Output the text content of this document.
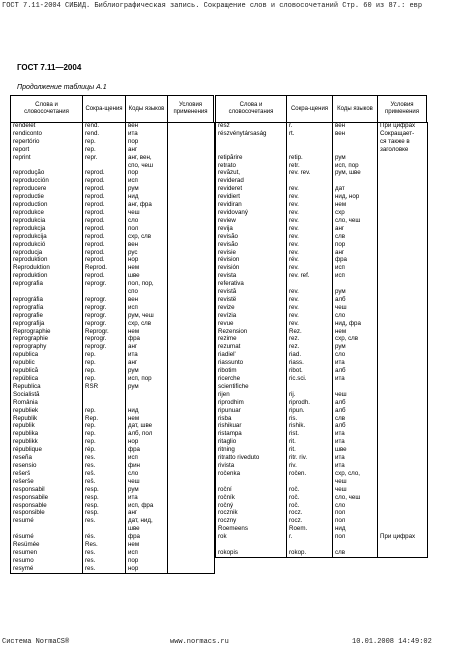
ГОСТ 7.11-2004 СИБИД. Библиографическая запись. Сокращение слов и словосочетаний Стр. 60 из 87.: евр
ГОСТ 7.11—2004
Продолжение таблицы А.1
Слова и словосочетания
Сокра-щения	Коды языков
Условия применения
Слова и словосочетания
Сокра-щения	Коды языков
Условия применения
rendelet	rend.	вен	
rendiconto	rend.	ита	
repertório	rep.	пор	
report	rep.	анг	
reprint	repr.	анг, вен,	
		спо, чеш	
reprodução	reprod.	пор	
reproducción	reprod.	исп	
reproducere	reprod.	рум	
reproductie	reprod.	нид	
reproduction	reprod.	анг, фра	
reprodukce	reprod.	чеш	
reprodukcia	reprod.	сло	
reprodukcja	reprod.	пол	
reprodukcija	reprod.	схр, слв	
reprodukció	reprod.	вен	
reproducja	reprod.	рус	
reproduktion	reprod.	нор	
Reproduktion	Reprod.	нем	
reproduktion	reprod.	шве	
reprografia	reprogr.	пол, пор,	
		спо	
reprográfia	reprogr.	вен	
reprografía	reprogr.	исп	
reprografie	reprogr.	рум, чеш	
reprografija	reprogr.	схр, слв	
Reprographie	Reprogr.	нем	
reprographie	reprogr.	фра	
reprography	reprogr.	анг	
republica	rep.	ита	
republic	rep.	анг	
republică	rep.	рум	
república	rep.	исп, пор	
Republica	RSR	рум	
Socialistă			
România			
republiek	rep.	нид	
Republik	Rep.	нем	
republik	rep.	дат, шве	
republika	rep.	алб, пол	
republikk	rep.	нор	
république	rép.	фра	
reseña	res.	исп	
resensio	res.	фин	
rešerš	reš.	сло	
rešerše	reš.	чеш	
responsabil	resp.	рум	
responsabile	resp.	ита	
responsable	resp.	исп, фра	
responsible	resp.	анг	
resumé	res.	дат, нид,	
		шве	
résumé	rés.	фра	
Resümée	Res.	нем	
resumen	res.	исп	
resumo	res.	пор	
resymé	res.	нор	
rész	r.	вен	При цифрах
részvénytársaság	rt.	вен	Сокращает-
			ся также в
			заголовке
retipărire	retip.	рум	
retrato	retr.	исп, пор	
revăzut,	rev. rev.	рум, шве	
reviderad			
revideret	rev.	дат	
revidiert	rev.	нид, нор	
revidiran	rev.	нем	
revidovaný	rev.	схр	
review	rev.	сло, чеш	
revija	rev.	анг	
revisão	rev.	слв	
revisão	rev.	пор	
revisie	rev.	анг	
révision	rév.	фра	
revisión	rev.	исп	
revista	rev. ref.	исп	
referativa			
revistă	rev.	рум	
revistë	rev.	алб	
revize	rev.	чеш	
revízia	rev.	сло	
revue	rev.	нид, фра	
Rezension	Rez.	нем	
rezime	rez.	схр, слв	
rezumat	rez.	рум	
riadiel'	riad.	сло	
riassunto	riass.	ита	
ribotim	ribot.	алб	
ricerche	ric.sci.	ита	
scientifiche			
rijen	rij.	чеш	
riprodhim	riprodh.	алб	
ripunuar	ripun.	алб	
risba	ris.	слв	
rishikuar	rishik.	алб	
ristampa	rist.	ита	
ritaglio	rit.	ита	
ritning	rit.	шве	
ritratto riveduto	ritr. riv.	ита	
rivista	riv.	ита	
ročenka	ročen.	схр, сло,	
		чеш	
roční	roč.	чеш	
ročník	roč.	сло, чеш	
ročný	roč.	сло	
rocznik	rocz.	пол	
roczny	rocz.	пол	
Roemeens	Roem.	нид	
rok	r.	пол	При цифрах

rokopis	rokop.	слв	
Система NormaCS®	www.normacs.ru	10.01.2008 14:49:02
